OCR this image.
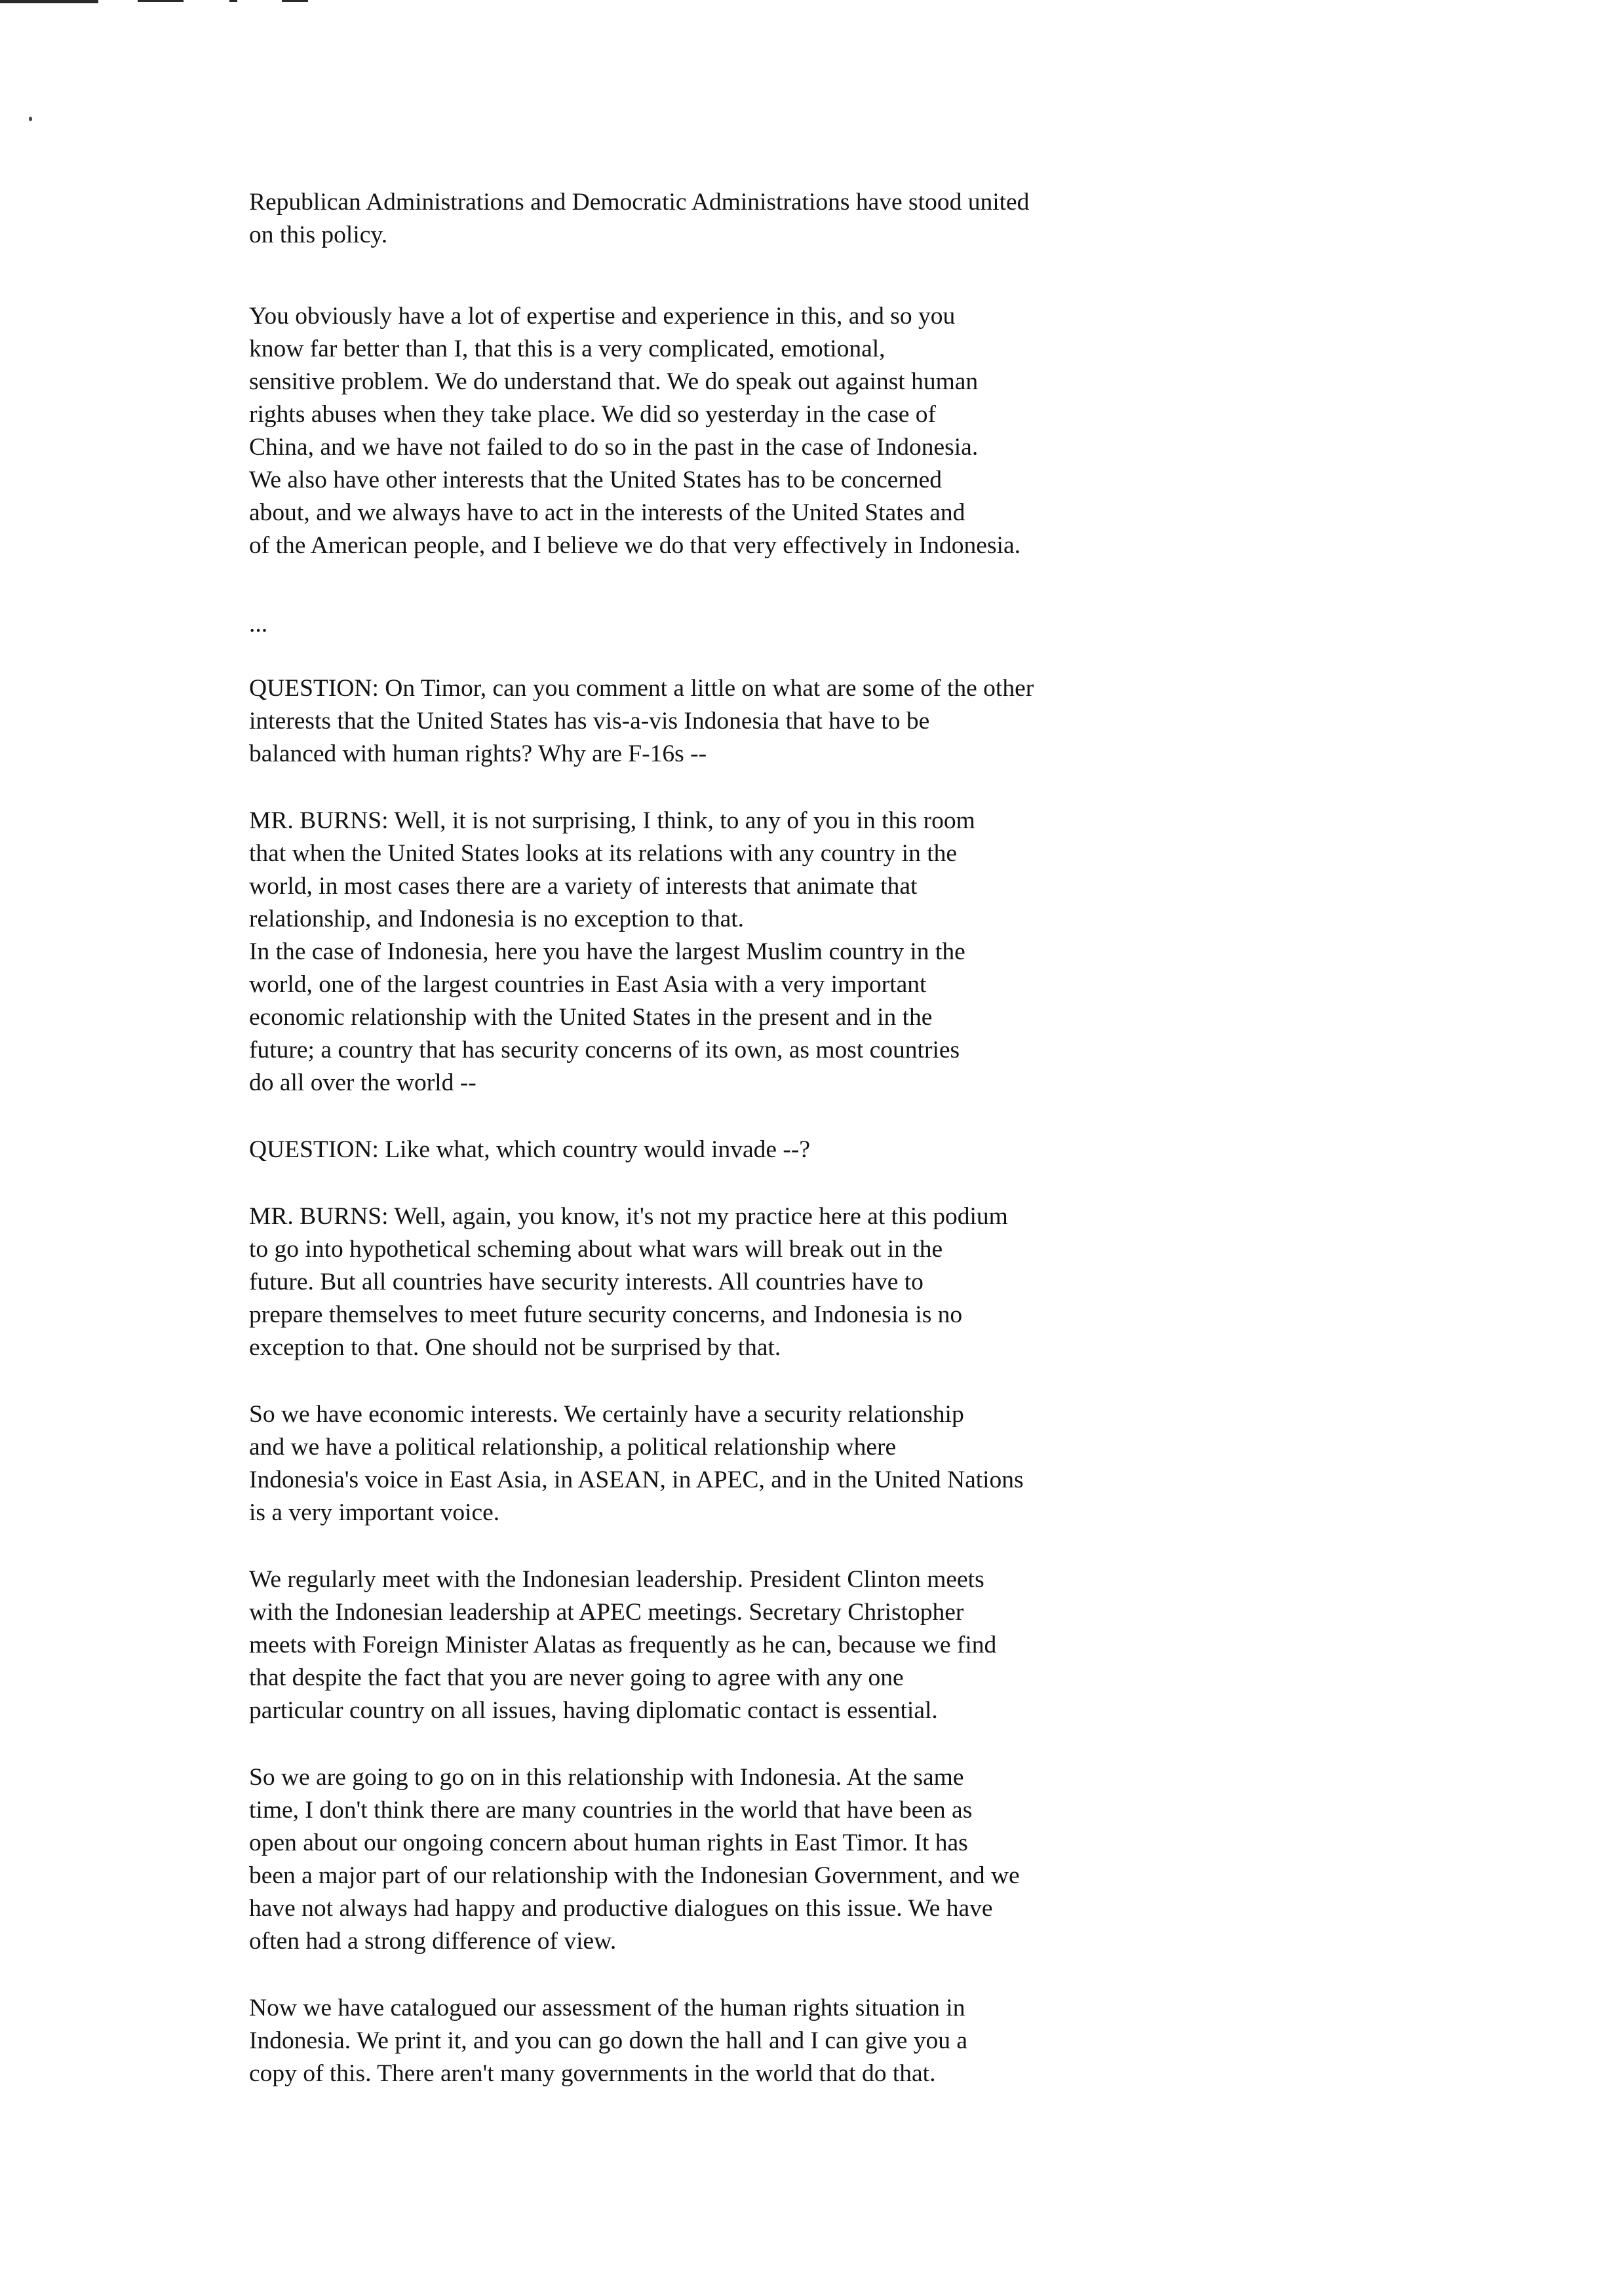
Republican Administrations and Democratic Administrations have stood united
on this policy.

You obviously have a lot of expertise and experience in this, and so you
know far better than I, that this is a very complicated, emotional,
sensitive problem. We do understand that. We do speak out against human
rights abuses when they take place. We did so yesterday in the case of
China, and we have not failed to do so in the past in the case of Indonesia.
We also have other interests that the United States has to be concerned
about, and we always have to act in the interests of the United States and
of the American people, and I believe we do that very effectively in Indonesia.

...

QUESTION: On Timor, can you comment a little on what are some of the other
interests that the United States has vis-a-vis Indonesia that have to be
balanced with human rights? Why are F-16s --

MR. BURNS: Well, it is not surprising, I think, to any of you in this room
that when the United States looks at its relations with any country in the
world, in most cases there are a variety of interests that animate that
relationship, and Indonesia is no exception to that.
In the case of Indonesia, here you have the largest Muslim country in the
world, one of the largest countries in East Asia with a very important
economic relationship with the United States in the present and in the
future; a country that has security concerns of its own, as most countries
do all over the world --

QUESTION: Like what, which country would invade --?

MR. BURNS: Well, again, you know, it's not my practice here at this podium
to go into hypothetical scheming about what wars will break out in the
future. But all countries have security interests. All countries have to
prepare themselves to meet future security concerns, and Indonesia is no
exception to that. One should not be surprised by that.

So we have economic interests. We certainly have a security relationship
and we have a political relationship, a political relationship where
Indonesia's voice in East Asia, in ASEAN, in APEC, and in the United Nations
is a very important voice.

We regularly meet with the Indonesian leadership. President Clinton meets
with the Indonesian leadership at APEC meetings. Secretary Christopher
meets with Foreign Minister Alatas as frequently as he can, because we find
that despite the fact that you are never going to agree with any one
particular country on all issues, having diplomatic contact is essential.

So we are going to go on in this relationship with Indonesia. At the same
time, I don't think there are many countries in the world that have been as
open about our ongoing concern about human rights in East Timor. It has
been a major part of our relationship with the Indonesian Government, and we
have not always had happy and productive dialogues on this issue. We have
often had a strong difference of view.

Now we have catalogued our assessment of the human rights situation in
Indonesia. We print it, and you can go down the hall and I can give you a
copy of this. There aren't many governments in the world that do that.
